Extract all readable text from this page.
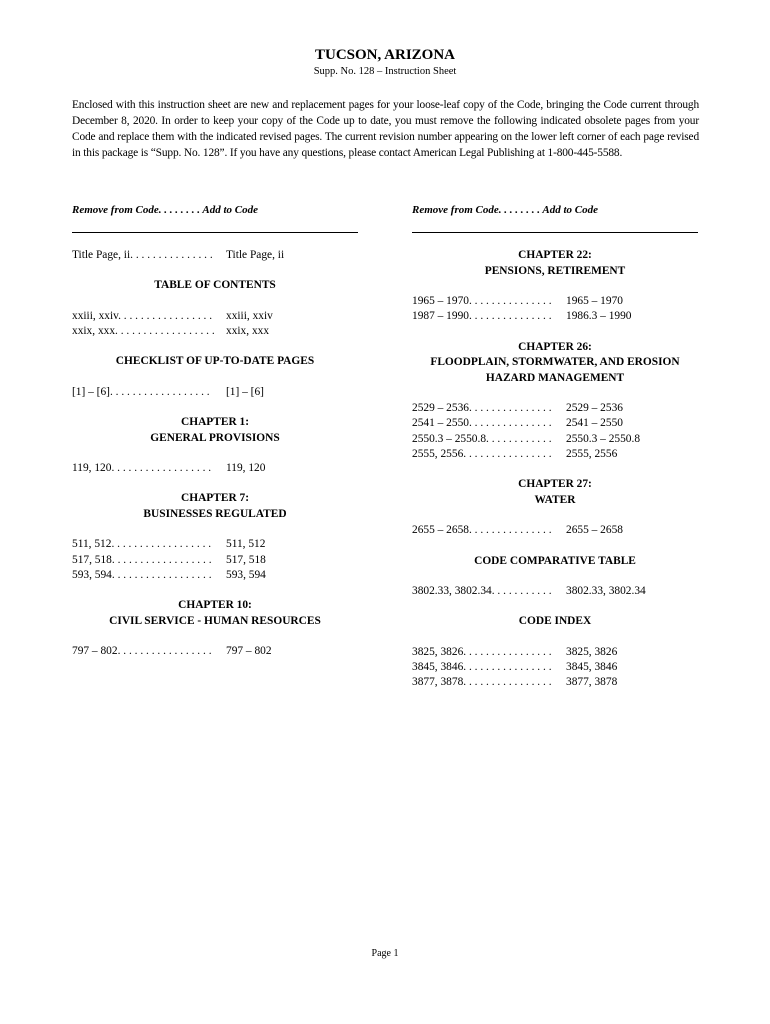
TUCSON, ARIZONA
Supp. No. 128 – Instruction Sheet
Enclosed with this instruction sheet are new and replacement pages for your loose-leaf copy of the Code, bringing the Code current through December 8, 2020. In order to keep your copy of the Code up to date, you must remove the following indicated obsolete pages from your Code and replace them with the indicated revised pages. The current revision number appearing on the lower left corner of each page revised in this package is “Supp. No. 128”. If you have any questions, please contact American Legal Publishing at 1-800-445-5588.
Remove from Code. . . . . . . . Add to Code
Title Page, ii. . . . . . . . . . . . . . .	Title Page, ii
TABLE OF CONTENTS
xxiii, xxiv. . . . . . . . . . . . . . . . .	xxiii, xxiv
xxix, xxx. . . . . . . . . . . . . . . . . . xxix, xxx
CHECKLIST OF UP-TO-DATE PAGES
[1] – [6]. . . . . . . . . . . . . . . . . .	[1] – [6]
CHAPTER 1:
GENERAL PROVISIONS
119, 120. . . . . . . . . . . . . . . . . .	119, 120
CHAPTER 7:
BUSINESSES REGULATED
511, 512. . . . . . . . . . . . . . . . . .	511, 512
517, 518. . . . . . . . . . . . . . . . . .	517, 518
593, 594. . . . . . . . . . . . . . . . . .	593, 594
CHAPTER 10:
CIVIL SERVICE - HUMAN RESOURCES
797 – 802. . . . . . . . . . . . . . . . .	797 – 802
Remove from Code. . . . . . . . Add to Code
CHAPTER 22:
PENSIONS, RETIREMENT
1965 – 1970. . . . . . . . . . . . . . .	1965 – 1970
1987 – 1990. . . . . . . . . . . . . . .	1986.3 – 1990
CHAPTER 26:
FLOODPLAIN, STORMWATER, AND EROSION
HAZARD MANAGEMENT
2529 – 2536. . . . . . . . . . . . . . .	2529 – 2536
2541 – 2550. . . . . . . . . . . . . . .	2541 – 2550
2550.3 – 2550.8. . . . . . . . . . . .	2550.3 – 2550.8
2555, 2556. . . . . . . . . . . . . . . .	2555, 2556
CHAPTER 27:
WATER
2655 – 2658. . . . . . . . . . . . . . .	2655 – 2658
CODE COMPARATIVE TABLE
3802.33, 3802.34. . . . . . . . . . .	3802.33, 3802.34
CODE INDEX
3825, 3826. . . . . . . . . . . . . . . .	3825, 3826
3845, 3846. . . . . . . . . . . . . . . .	3845, 3846
3877, 3878. . . . . . . . . . . . . . . .	3877, 3878
Page 1
